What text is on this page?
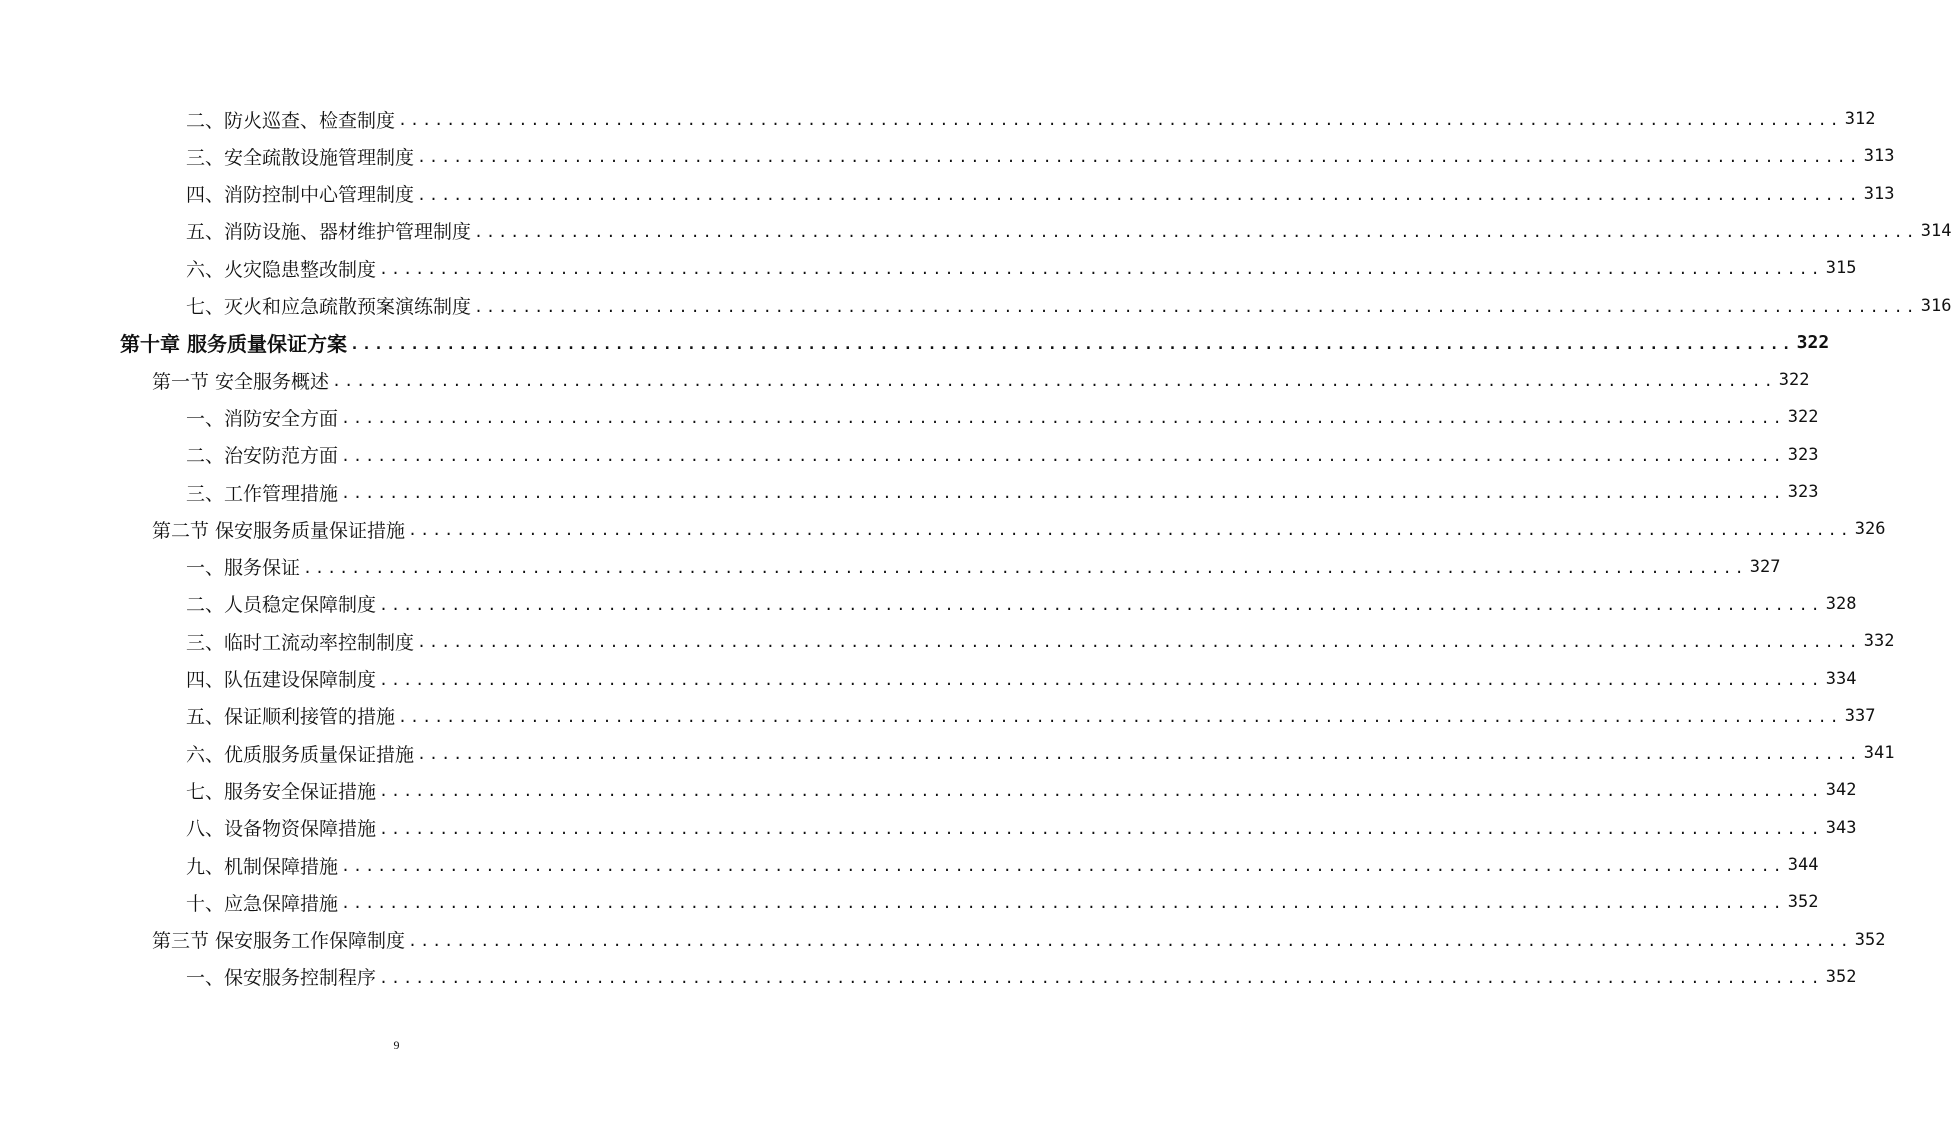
二、防火巡查、检查制度 ........................................................................................................................ 312
三、安全疏散设施管理制度 ........................................................................................................................ 313
四、消防控制中心管理制度 ........................................................................................................................ 313
五、消防设施、器材维护管理制度 ........................................................................................................................ 314
六、火灾隐患整改制度 ........................................................................................................................ 315
七、灭火和应急疏散预案演练制度 ........................................................................................................................ 316
第十章 服务质量保证方案 ........................................................................................................................ 322
第一节 安全服务概述 ........................................................................................................................ 322
一、消防安全方面 ........................................................................................................................ 322
二、治安防范方面 ........................................................................................................................ 323
三、工作管理措施 ........................................................................................................................ 323
第二节 保安服务质量保证措施 ........................................................................................................................ 326
一、服务保证 ........................................................................................................................ 327
二、人员稳定保障制度 ........................................................................................................................ 328
三、临时工流动率控制制度 ........................................................................................................................ 332
四、队伍建设保障制度 ........................................................................................................................ 334
五、保证顺利接管的措施 ........................................................................................................................ 337
六、优质服务质量保证措施 ........................................................................................................................ 341
七、服务安全保证措施 ........................................................................................................................ 342
八、设备物资保障措施 ........................................................................................................................ 343
九、机制保障措施 ........................................................................................................................ 344
十、应急保障措施 ........................................................................................................................ 352
第三节 保安服务工作保障制度 ........................................................................................................................ 352
一、保安服务控制程序 ........................................................................................................................ 352
9
